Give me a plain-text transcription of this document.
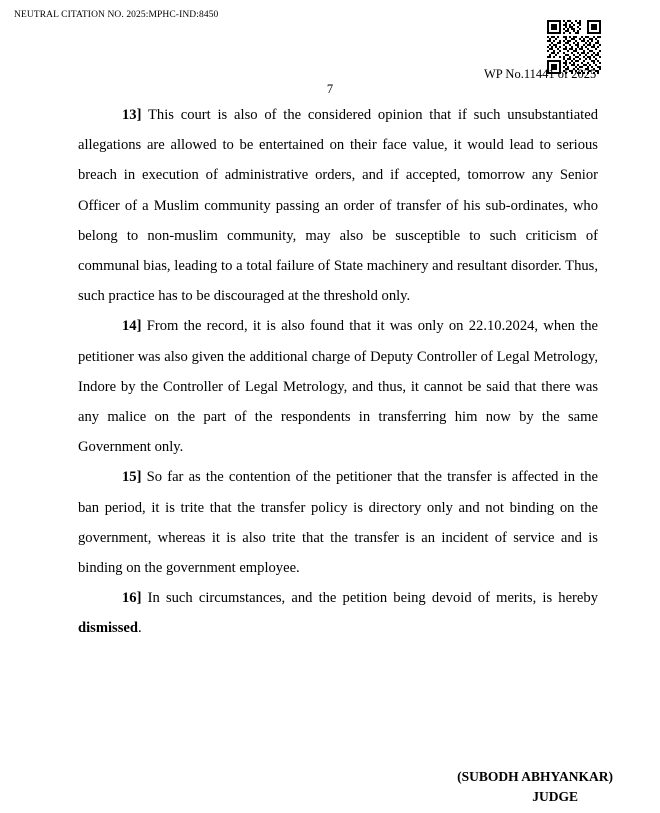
NEUTRAL CITATION NO. 2025:MPHC-IND:8450
WP No.11441 of 2025
7

13] This court is also of the considered opinion that if such unsubstantiated allegations are allowed to be entertained on their face value, it would lead to serious breach in execution of administrative orders, and if accepted, tomorrow any Senior Officer of a Muslim community passing an order of transfer of his sub-ordinates, who belong to non-muslim community, may also be susceptible to such criticism of communal bias, leading to a total failure of State machinery and resultant disorder. Thus, such practice has to be discouraged at the threshold only.

14] From the record, it is also found that it was only on 22.10.2024, when the petitioner was also given the additional charge of Deputy Controller of Legal Metrology, Indore by the Controller of Legal Metrology, and thus, it cannot be said that there was any malice on the part of the respondents in transferring him now by the same Government only.

15] So far as the contention of the petitioner that the transfer is affected in the ban period, it is trite that the transfer policy is directory only and not binding on the government, whereas it is also trite that the transfer is an incident of service and is binding on the government employee.

16] In such circumstances, and the petition being devoid of merits, is hereby dismissed.

(SUBODH ABHYANKAR)
JUDGE
